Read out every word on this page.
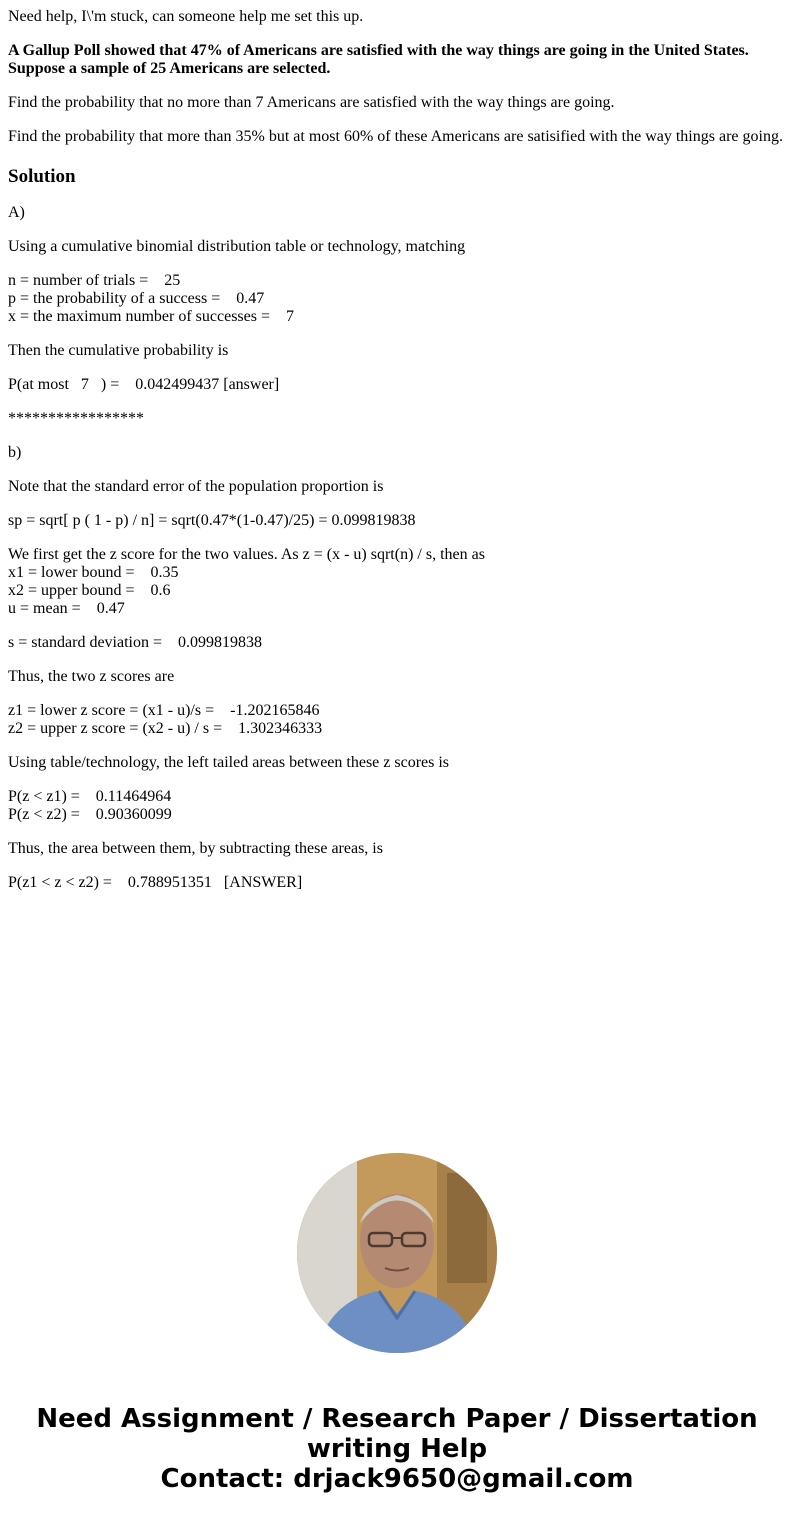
Need help, I\'m stuck, can someone help me set this up.

A Gallup Poll showed that 47% of Americans are satisfied with the way things are going in the United States. Suppose a sample of 25 Americans are selected.

Find the probability that no more than 7 Americans are satisfied with the way things are going.

Find the probability that more than 35% but at most 60% of these Americans are satisified with the way things are going.

Solution

A)

Using a cumulative binomial distribution table or technology, matching

n = number of trials =    25
p = the probability of a success =    0.47
x = the maximum number of successes =    7

Then the cumulative probability is

P(at most   7   ) =    0.042499437 [answer]

*****************

b)

Note that the standard error of the population proportion is

sp = sqrt[ p ( 1 - p) / n] = sqrt(0.47*(1-0.47)/25) = 0.099819838

We first get the z score for the two values. As z = (x - u) sqrt(n) / s, then as
x1 = lower bound =    0.35
x2 = upper bound =    0.6
u = mean =    0.47

s = standard deviation =    0.099819838

Thus, the two z scores are

z1 = lower z score = (x1 - u)/s =    -1.202165846
z2 = upper z score = (x2 - u) / s =    1.302346333

Using table/technology, the left tailed areas between these z scores is

P(z < z1) =    0.11464964
P(z < z2) =    0.90360099

Thus, the area between them, by subtracting these areas, is

P(z1 < z < z2) =    0.788951351   [ANSWER]

Need Assignment / Research Paper / Dissertation
writing Help
Contact: drjack9650@gmail.com
